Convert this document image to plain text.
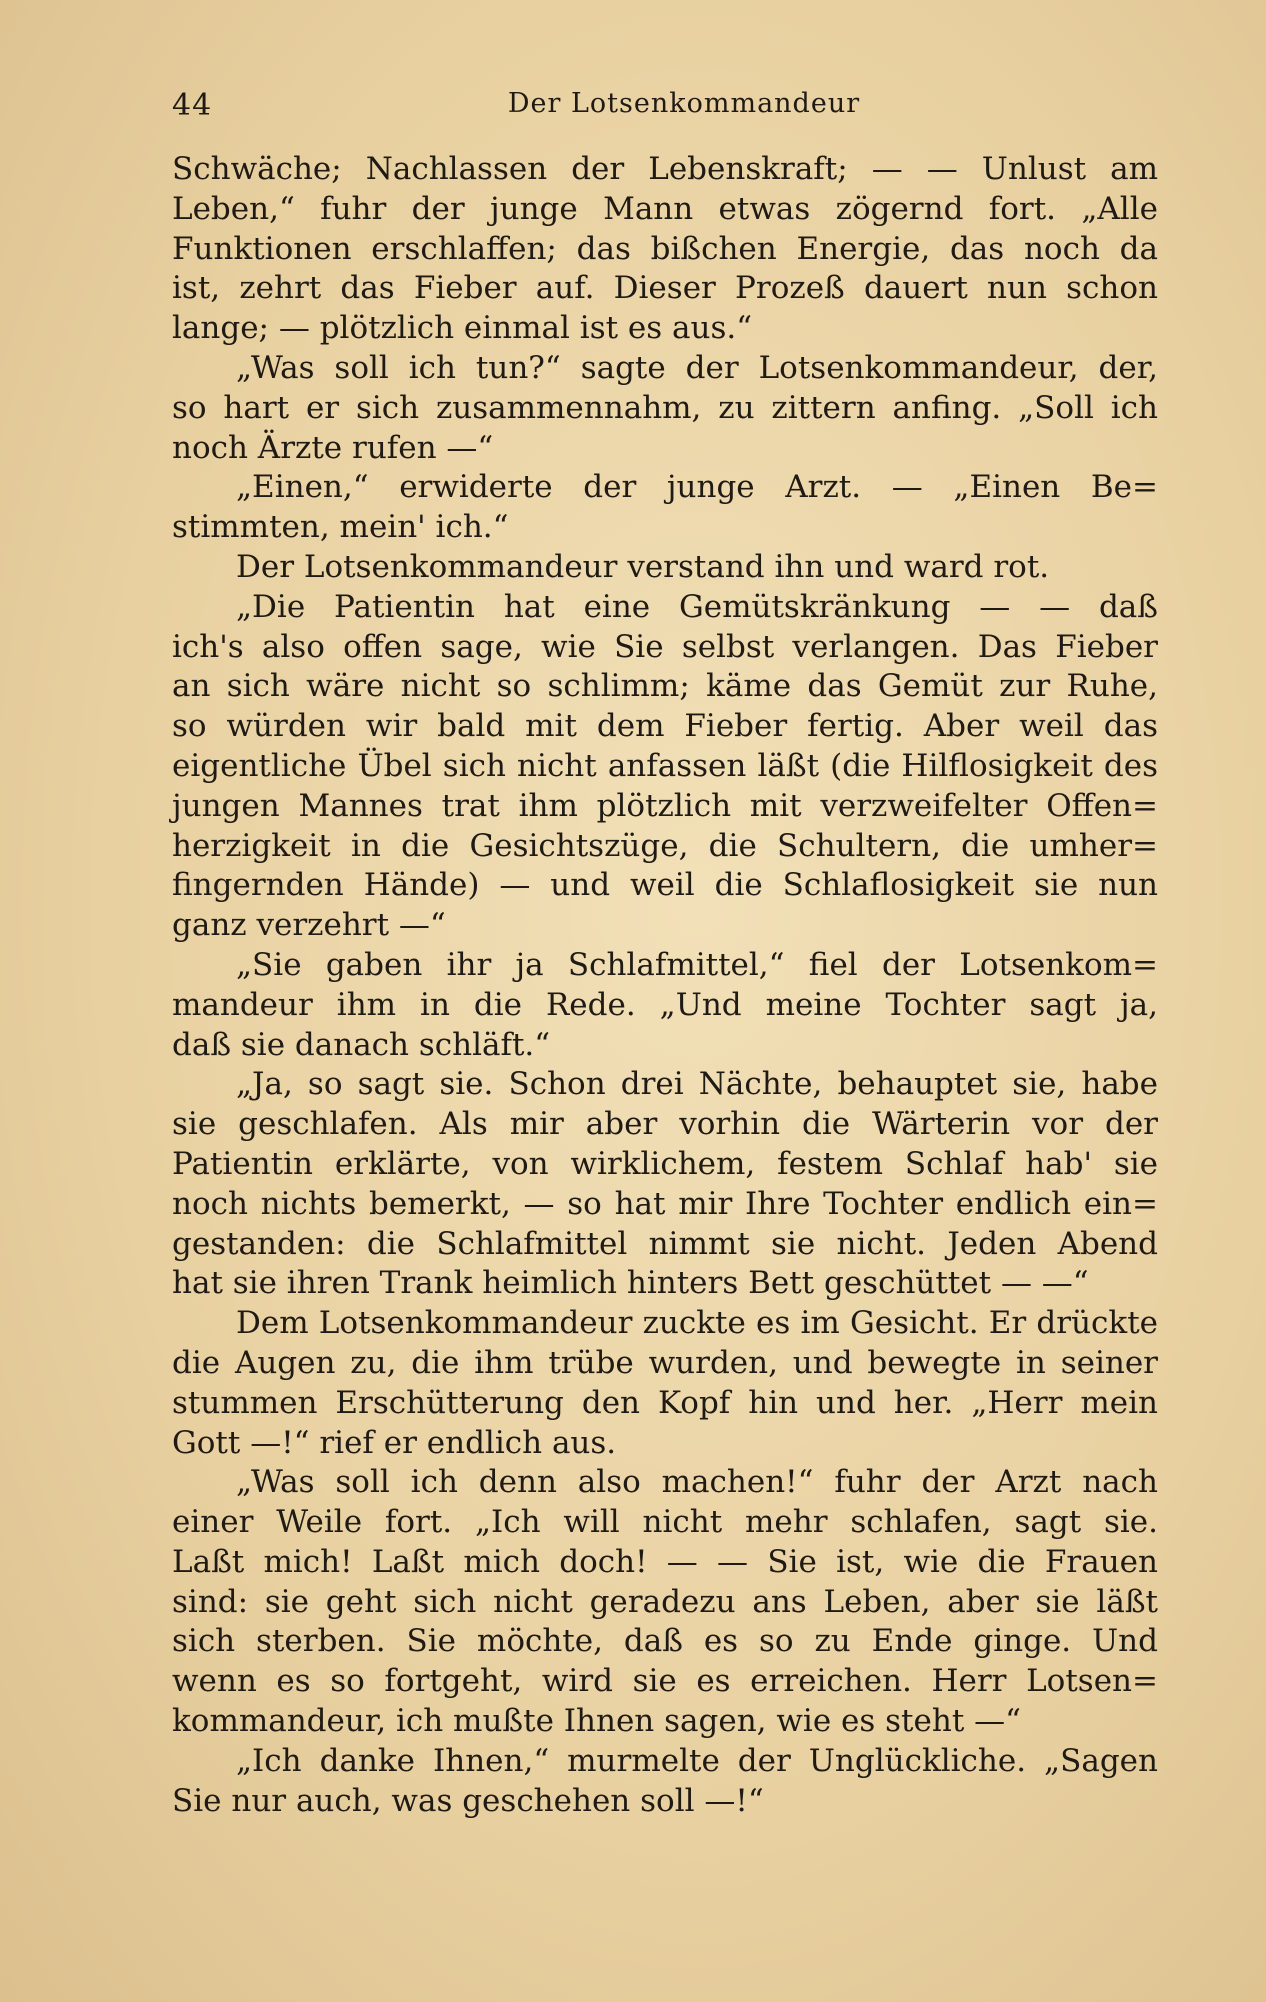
44	Der Lotsenkommandeur
Schwäche; Nachlassen der Lebenskraft; — — Unlust am
Leben,“ fuhr der junge Mann etwas zögernd fort. „Alle
Funktionen erschlaffen; das bißchen Energie, das noch da
ist, zehrt das Fieber auf. Dieser Prozeß dauert nun schon
lange; — plötzlich einmal ist es aus.“
„Was soll ich tun?“ sagte der Lotsenkommandeur, der,
so hart er sich zusammennahm, zu zittern anfing. „Soll ich
noch Ärzte rufen —“
„Einen,“ erwiderte der junge Arzt. — „Einen Be=
stimmten, mein' ich.“
Der Lotsenkommandeur verstand ihn und ward rot.
„Die Patientin hat eine Gemütskränkung — — daß
ich's also offen sage, wie Sie selbst verlangen. Das Fieber
an sich wäre nicht so schlimm; käme das Gemüt zur Ruhe,
so würden wir bald mit dem Fieber fertig. Aber weil das
eigentliche Übel sich nicht anfassen läßt (die Hilflosigkeit des
jungen Mannes trat ihm plötzlich mit verzweifelter Offen=
herzigkeit in die Gesichtszüge, die Schultern, die umher=
fingernden Hände) — und weil die Schlaflosigkeit sie nun
ganz verzehrt —“
„Sie gaben ihr ja Schlafmittel,“ fiel der Lotsenkom=
mandeur ihm in die Rede. „Und meine Tochter sagt ja,
daß sie danach schläft.“
„Ja, so sagt sie. Schon drei Nächte, behauptet sie, habe
sie geschlafen. Als mir aber vorhin die Wärterin vor der
Patientin erklärte, von wirklichem, festem Schlaf hab' sie
noch nichts bemerkt, — so hat mir Ihre Tochter endlich ein=
gestanden: die Schlafmittel nimmt sie nicht. Jeden Abend
hat sie ihren Trank heimlich hinters Bett geschüttet — —“
Dem Lotsenkommandeur zuckte es im Gesicht. Er drückte
die Augen zu, die ihm trübe wurden, und bewegte in seiner
stummen Erschütterung den Kopf hin und her. „Herr mein
Gott —!“ rief er endlich aus.
„Was soll ich denn also machen!“ fuhr der Arzt nach
einer Weile fort. „Ich will nicht mehr schlafen, sagt sie.
Laßt mich! Laßt mich doch! — — Sie ist, wie die Frauen
sind: sie geht sich nicht geradezu ans Leben, aber sie läßt
sich sterben. Sie möchte, daß es so zu Ende ginge. Und
wenn es so fortgeht, wird sie es erreichen. Herr Lotsen=
kommandeur, ich mußte Ihnen sagen, wie es steht —“
„Ich danke Ihnen,“ murmelte der Unglückliche. „Sagen
Sie nur auch, was geschehen soll —!“
